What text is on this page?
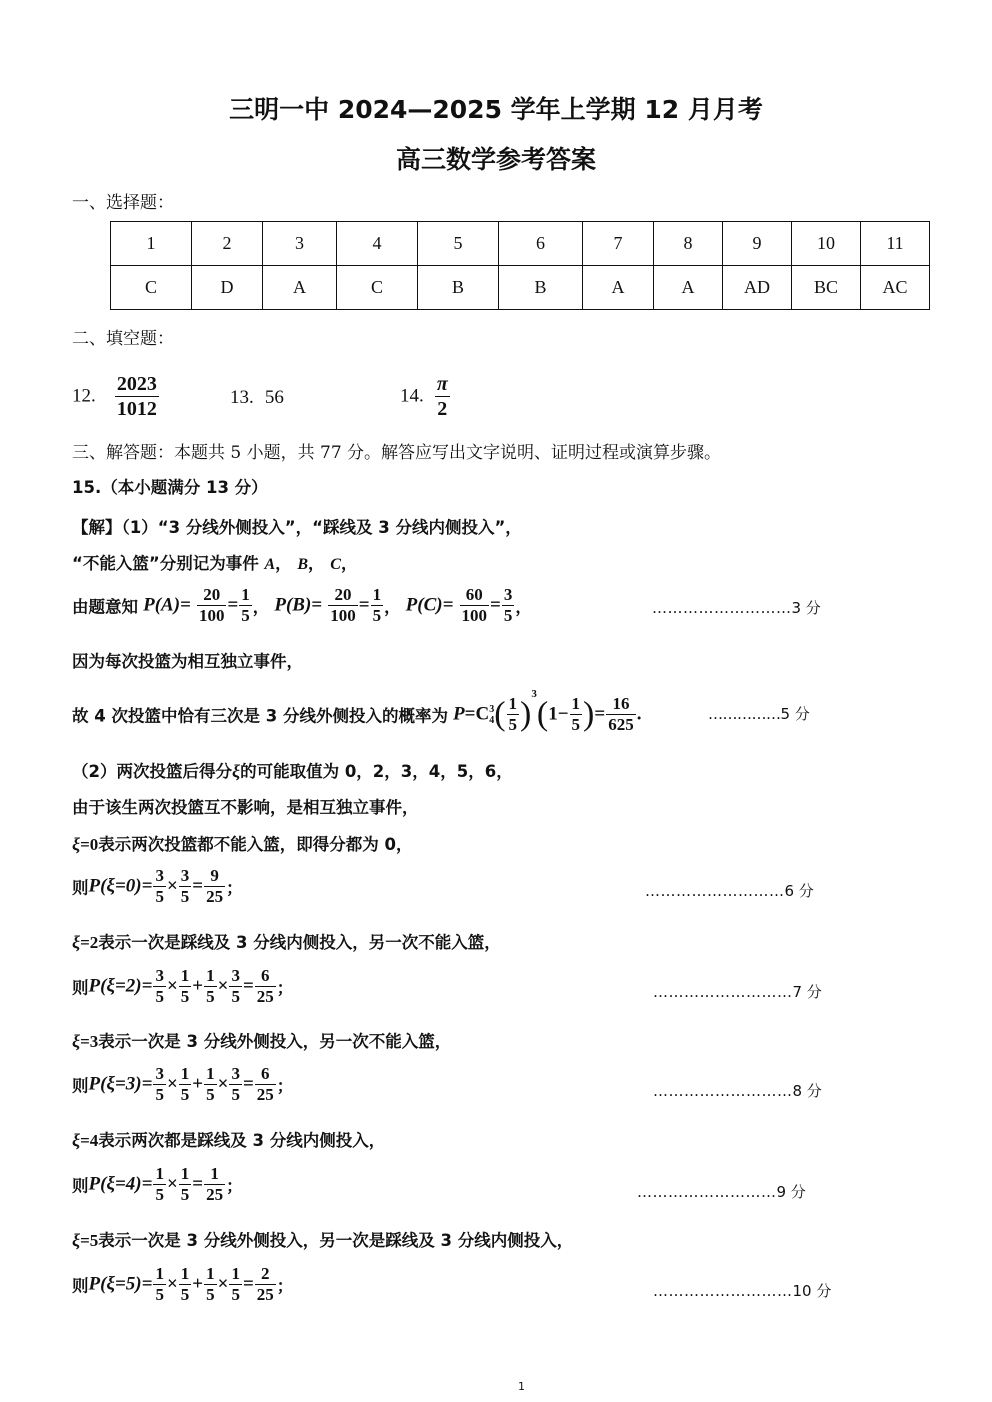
三明一中 2024—2025 学年上学期 12 月月考
高三数学参考答案
一、选择题：
1	2	3	4	5	6	7	8	9	10	11
C	D	A	C	B	B	A	A	AD	BC	AC
二、填空题：
12. $\frac{2023}{1012}$	13. 56	14. $\frac{\pi}{2}$
三、解答题：本题共 5 小题，共 77 分。解答应写出文字说明、证明过程或演算步骤。
15.（本小题满分 13 分）
【解】（1）“3 分线外侧投入”，“踩线及 3 分线内侧投入”，
“不能入篮”分别记为事件 A， B， C，
由题意知 $P(A)= \frac{20}{100} = \frac{1}{5}$ ， $P(B)= \frac{20}{100} = \frac{1}{5}$ ， $P(C)= \frac{60}{100} = \frac{3}{5}$ ，	………………………3 分
因为每次投篮为相互独立事件，
故 4 次投篮中恰有三次是 3 分线外侧投入的概率为 P=C 3
4 ( $\frac{1}{5} )^3(1- \frac{1}{5}$ )= $\frac{16}{625}$ .	……………5 分
（2）两次投篮后得分ξ的可能取值为 0，2，3，4，5，6，
由于该生两次投篮互不影响，是相互独立事件，
ξ=0表示两次投篮都不能入篮，即得分都为 0，
则$P(\xi=0)= \frac{3}{5} \times \frac{3}{5} = \frac{9}{25}$ ；	………………………6 分
ξ=2表示一次是踩线及 3 分线内侧投入，另一次不能入篮，
则$P(\xi=2)= \frac{3}{5} \times \frac{1}{5} + \frac{1}{5} \times \frac{3}{5} = \frac{6}{25}$ ；	………………………7 分
ξ=3表示一次是 3 分线外侧投入，另一次不能入篮，
则$P(\xi=3)= \frac{3}{5} \times \frac{1}{5} + \frac{1}{5} \times \frac{3}{5} = \frac{6}{25}$ ；	………………………8 分
ξ=4表示两次都是踩线及 3 分线内侧投入，
则$P(\xi=4)= \frac{1}{5} \times \frac{1}{5} = \frac{1}{25}$ ；	………………………9 分
ξ=5表示一次是 3 分线外侧投入，另一次是踩线及 3 分线内侧投入，
则$P(\xi=5)= \frac{1}{5} \times \frac{1}{5} + \frac{1}{5} \times \frac{1}{5} = \frac{2}{25}$ ；	………………………10 分
1
